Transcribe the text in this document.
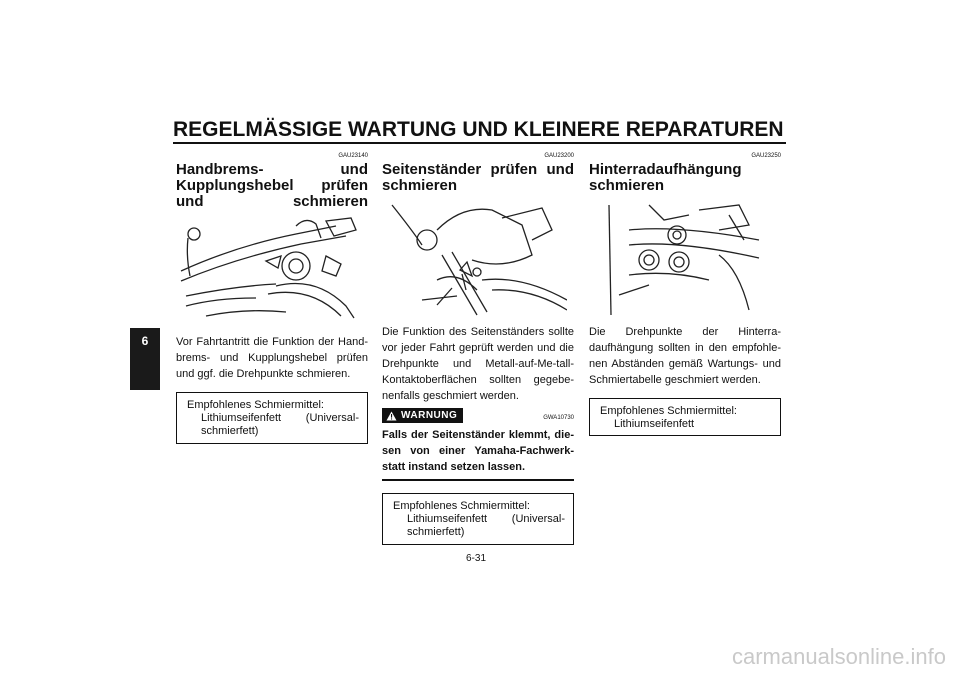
REGELMÄSSIGE WARTUNG UND KLEINERE REPARATUREN
6
GAU23140
Handbrems- und Kupplungshebel prüfen und schmieren
Vor Fahrtantritt die Funktion der Hand-brems- und Kupplungshebel prüfen und ggf. die Drehpunkte schmieren.
Empfohlenes Schmiermittel:
Lithiumseifenfett (Universal-schmierfett)
GAU23200
Seitenständer prüfen und schmieren
Die Funktion des Seitenständers sollte vor jeder Fahrt geprüft werden und die Drehpunkte und Metall-auf-Me-tall-Kontaktoberflächen sollten gegebe-nenfalls geschmiert werden.
WARNUNG	GWA10730
Falls der Seitenständer klemmt, die-sen von einer Yamaha-Fachwerk-statt instand setzen lassen.
Empfohlenes Schmiermittel:
Lithiumseifenfett (Universal-schmierfett)
GAU23250
Hinterradaufhängung schmieren
Die Drehpunkte der Hinterra-daufhängung sollten in den empfohle-nen Abständen gemäß Wartungs- und Schmiertabelle geschmiert werden.
Empfohlenes Schmiermittel:
Lithiumseifenfett
6-31
carmanualsonline.info
